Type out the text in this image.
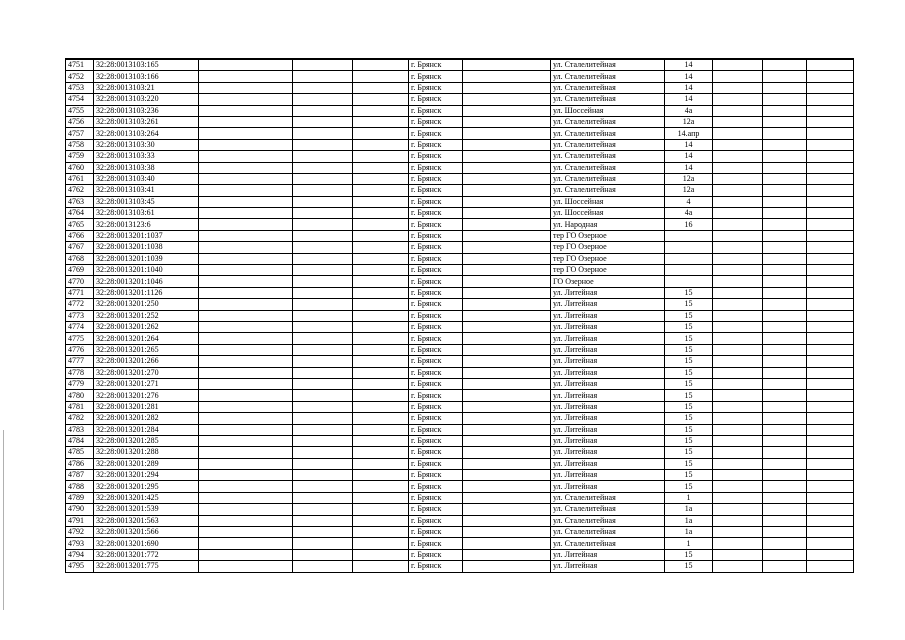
4751	32:28:0013103:165				г. Брянск		ул. Сталелитейная	14			
4752	32:28:0013103:166				г. Брянск		ул. Сталелитейная	14			
4753	32:28:0013103:21				г. Брянск		ул. Сталелитейная	14			
4754	32:28:0013103:220				г. Брянск		ул. Сталелитейная	14			
4755	32:28:0013103:236				г. Брянск		ул. Шоссейная	4а			
4756	32:28:0013103:261				г. Брянск		ул. Сталелитейная	12а			
4757	32:28:0013103:264				г. Брянск		ул. Сталелитейная	14.апр			
4758	32:28:0013103:30				г. Брянск		ул. Сталелитейная	14			
4759	32:28:0013103:33				г. Брянск		ул. Сталелитейная	14			
4760	32:28:0013103:38				г. Брянск		ул. Сталелитейная	14			
4761	32:28:0013103:40				г. Брянск		ул. Сталелитейная	12а			
4762	32:28:0013103:41				г. Брянск		ул. Сталелитейная	12а			
4763	32:28:0013103:45				г. Брянск		ул. Шоссейная	4			
4764	32:28:0013103:61				г. Брянск		ул. Шоссейная	4а			
4765	32:28:0013123:6				г. Брянск		ул. Народная	16			
4766	32:28:0013201:1037				г. Брянск		тер ГО Озерное				
4767	32:28:0013201:1038				г. Брянск		тер ГО Озерное				
4768	32:28:0013201:1039				г. Брянск		тер ГО Озерное				
4769	32:28:0013201:1040				г. Брянск		тер ГО Озерное				
4770	32:28:0013201:1046				г. Брянск		ГО Озерное				
4771	32:28:0013201:1126				г. Брянск		ул. Литейная	15			
4772	32:28:0013201:250				г. Брянск		ул. Литейная	15			
4773	32:28:0013201:252				г. Брянск		ул. Литейная	15			
4774	32:28:0013201:262				г. Брянск		ул. Литейная	15			
4775	32:28:0013201:264				г. Брянск		ул. Литейная	15			
4776	32:28:0013201:265				г. Брянск		ул. Литейная	15			
4777	32:28:0013201:266				г. Брянск		ул. Литейная	15			
4778	32:28:0013201:270				г. Брянск		ул. Литейная	15			
4779	32:28:0013201:271				г. Брянск		ул. Литейная	15			
4780	32:28:0013201:276				г. Брянск		ул. Литейная	15			
4781	32:28:0013201:281				г. Брянск		ул. Литейная	15			
4782	32:28:0013201:282				г. Брянск		ул. Литейная	15			
4783	32:28:0013201:284				г. Брянск		ул. Литейная	15			
4784	32:28:0013201:285				г. Брянск		ул. Литейная	15			
4785	32:28:0013201:288				г. Брянск		ул. Литейная	15			
4786	32:28:0013201:289				г. Брянск		ул. Литейная	15			
4787	32:28:0013201:294				г. Брянск		ул. Литейная	15			
4788	32:28:0013201:295				г. Брянск		ул. Литейная	15			
4789	32:28:0013201:425				г. Брянск		ул. Сталелитейная	1			
4790	32:28:0013201:539				г. Брянск		ул. Сталелитейная	1а			
4791	32:28:0013201:563				г. Брянск		ул. Сталелитейная	1а			
4792	32:28:0013201:566				г. Брянск		ул. Сталелитейная	1а			
4793	32:28:0013201:690				г. Брянск		ул. Сталелитейная	1			
4794	32:28:0013201:772				г. Брянск		ул. Литейная	15			
4795	32:28:0013201:775				г. Брянск		ул. Литейная	15			
